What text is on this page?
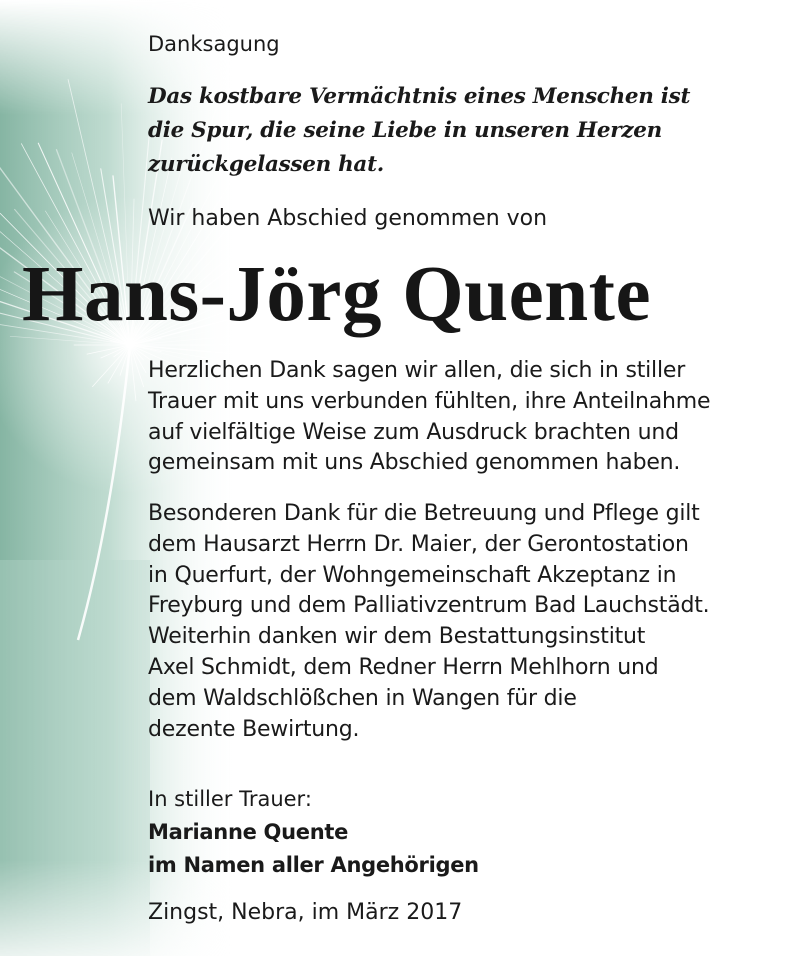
Danksagung

Das kostbare Vermächtnis eines Menschen ist
die Spur, die seine Liebe in unseren Herzen
zurückgelassen hat.

Wir haben Abschied genommen von

Hans-Jörg Quente
Herzlichen Dank sagen wir allen, die sich in stiller
Trauer mit uns verbunden fühlten, ihre Anteilnahme
auf vielfältige Weise zum Ausdruck brachten und
gemeinsam mit uns Abschied genommen haben.
Besonderen Dank für die Betreuung und Pflege gilt
dem Hausarzt Herrn Dr. Maier, der Gerontostation
in Querfurt, der Wohngemeinschaft Akzeptanz in
Freyburg und dem Palliativzentrum Bad Lauchstädt.
Weiterhin danken wir dem Bestattungsinstitut
Axel Schmidt, dem Redner Herrn Mehlhorn und
dem Waldschlößchen in Wangen für die
dezente Bewirtung.

In stiller Trauer:

Marianne Quente
im Namen aller Angehörigen

Zingst, Nebra, im März 2017
